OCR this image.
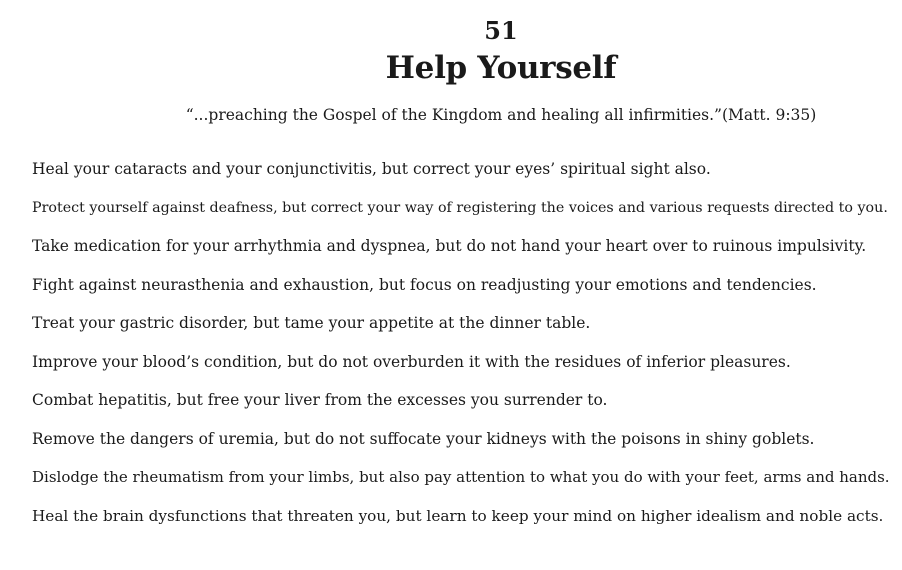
51
Help Yourself
“...preaching the Gospel of the Kingdom and healing all infirmities.”(Matt. 9:35)
Heal your cataracts and your conjunctivitis, but correct your eyes’ spiritual sight also.
Protect yourself against deafness, but correct your way of registering the voices and various requests directed to you.
Take medication for your arrhythmia and dyspnea, but do not hand your heart over to ruinous impulsivity.
Fight against neurasthenia and exhaustion, but focus on readjusting your emotions and tendencies.
Treat your gastric disorder, but tame your appetite at the dinner table.
Improve your blood’s condition, but do not overburden it with the residues of inferior pleasures.
Combat hepatitis, but free your liver from the excesses you surrender to.
Remove the dangers of uremia, but do not suffocate your kidneys with the poisons in shiny goblets.
Dislodge the rheumatism from your limbs, but also pay attention to what you do with your feet, arms and hands.
Heal the brain dysfunctions that threaten you, but learn to keep your mind on higher idealism and noble acts.
